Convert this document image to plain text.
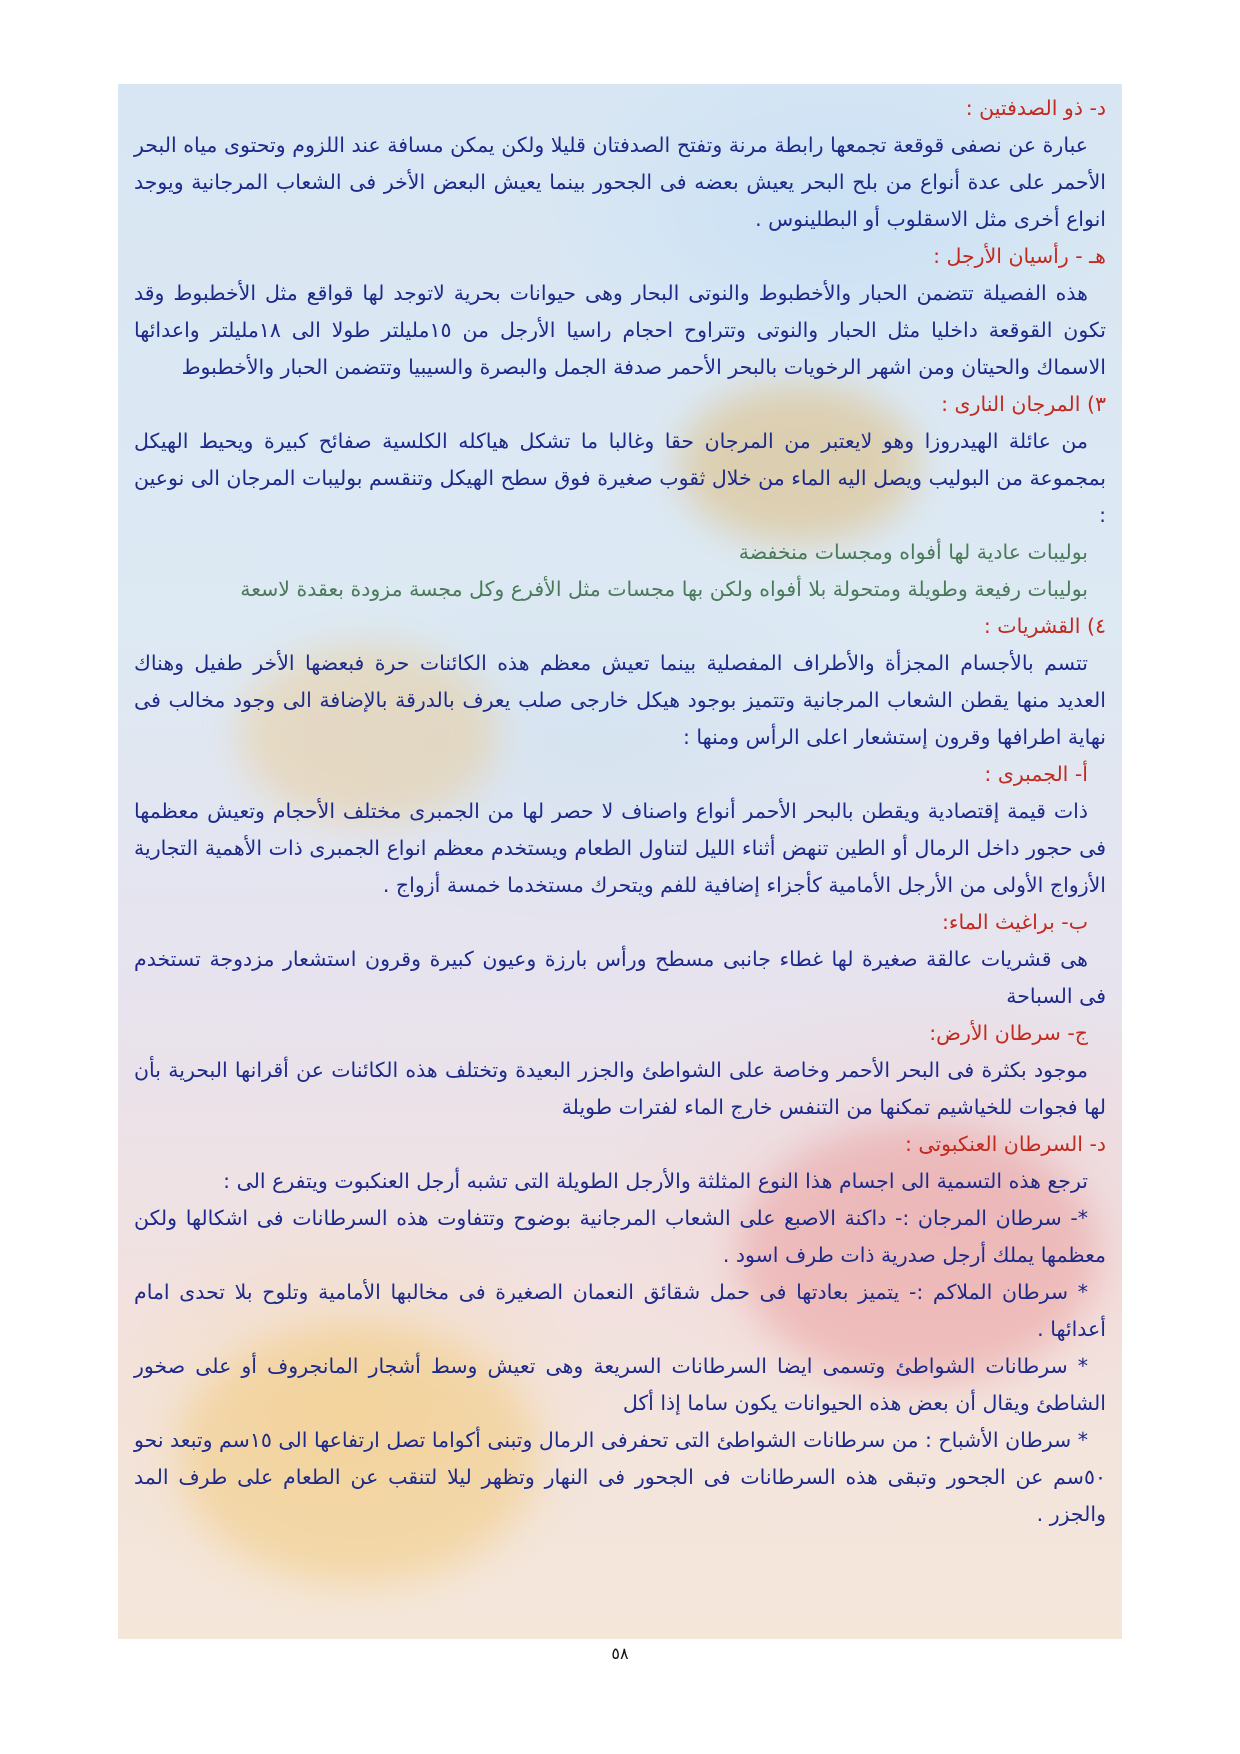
د- ذو الصدفتين :

عبارة عن نصفى قوقعة تجمعها رابطة مرنة وتفتح الصدفتان قليلا ولكن يمكن مسافة عند اللزوم وتحتوى مياه البحر الأحمر على عدة أنواع من بلح البحر يعيش بعضه فى الجحور بينما يعيش البعض الأخر فى الشعاب المرجانية ويوجد انواع أخرى مثل الاسقلوب أو البطلينوس .

هـ - رأسيان الأرجل :

هذه الفصيلة تتضمن الحبار والأخطبوط والنوتى البحار وهى حيوانات بحرية لاتوجد لها قواقع مثل الأخطبوط وقد تكون القوقعة داخليا مثل الحبار والنوتى وتتراوح احجام راسيا الأرجل من ١٥مليلتر طولا الى ١٨مليلتر واعدائها الاسماك والحيتان ومن اشهر الرخويات بالبحر الأحمر صدفة الجمل والبصرة والسيبيا وتتضمن الحبار والأخطبوط

٣) المرجان النارى :

من عائلة الهيدروزا وهو لايعتبر من المرجان حقا وغالبا ما تشكل هياكله الكلسية صفائح كبيرة ويحيط الهيكل بمجموعة من البوليب ويصل اليه الماء من خلال ثقوب صغيرة فوق سطح الهيكل وتنقسم بوليبات المرجان الى نوعين :

بوليبات عادية لها أفواه ومجسات منخفضة

بوليبات رفيعة وطويلة ومتحولة بلا أفواه ولكن بها مجسات مثل الأفرع وكل مجسة مزودة بعقدة لاسعة

٤) القشريات :

تتسم بالأجسام المجزأة والأطراف المفصلية بينما تعيش معظم هذه الكائنات حرة فبعضها الأخر طفيل وهناك العديد منها يقطن الشعاب المرجانية وتتميز بوجود هيكل خارجى صلب يعرف بالدرقة بالإضافة الى وجود مخالب فى نهاية اطرافها وقرون إستشعار اعلى الرأس ومنها :

أ- الجمبرى :

ذات قيمة إقتصادية ويقطن بالبحر الأحمر أنواع واصناف لا حصر لها من الجمبرى مختلف الأحجام وتعيش معظمها فى حجور داخل الرمال أو الطين تنهض أثناء الليل لتناول الطعام ويستخدم معظم انواع الجمبرى ذات الأهمية التجارية الأزواج الأولى من الأرجل الأمامية كأجزاء إضافية للفم ويتحرك مستخدما خمسة أزواج .

ب- براغيث الماء:

هى قشريات عالقة صغيرة لها غطاء جانبى مسطح ورأس بارزة وعيون كبيرة وقرون استشعار مزدوجة تستخدم فى السباحة

ج- سرطان الأرض:

موجود بكثرة فى البحر الأحمر وخاصة على الشواطئ والجزر البعيدة وتختلف هذه الكائنات عن أقرانها البحرية بأن لها فجوات للخياشيم تمكنها من التنفس خارج الماء لفترات طويلة

د- السرطان العنكبوتى :

ترجع هذه التسمية الى اجسام هذا النوع المثلثة والأرجل الطويلة التى تشبه أرجل العنكبوت ويتفرع الى :

*- سرطان المرجان :- داكنة الاصبع على الشعاب المرجانية بوضوح وتتفاوت هذه السرطانات فى اشكالها ولكن معظمها يملك أرجل صدرية ذات طرف اسود .

* سرطان الملاكم :- يتميز بعادتها فى حمل شقائق النعمان الصغيرة فى مخالبها الأمامية وتلوح بلا تحدى امام أعدائها .

* سرطانات الشواطئ وتسمى ايضا السرطانات السريعة وهى تعيش وسط أشجار المانجروف أو على صخور الشاطئ ويقال أن بعض هذه الحيوانات يكون ساما إذا أكل

* سرطان الأشباح : من سرطانات الشواطئ التى تحفرفى الرمال وتبنى أكواما تصل ارتفاعها الى ١٥سم وتبعد نحو ٥٠سم عن الجحور وتبقى هذه السرطانات فى الجحور فى النهار وتظهر ليلا لتنقب عن الطعام على طرف المد والجزر .

٥٨
